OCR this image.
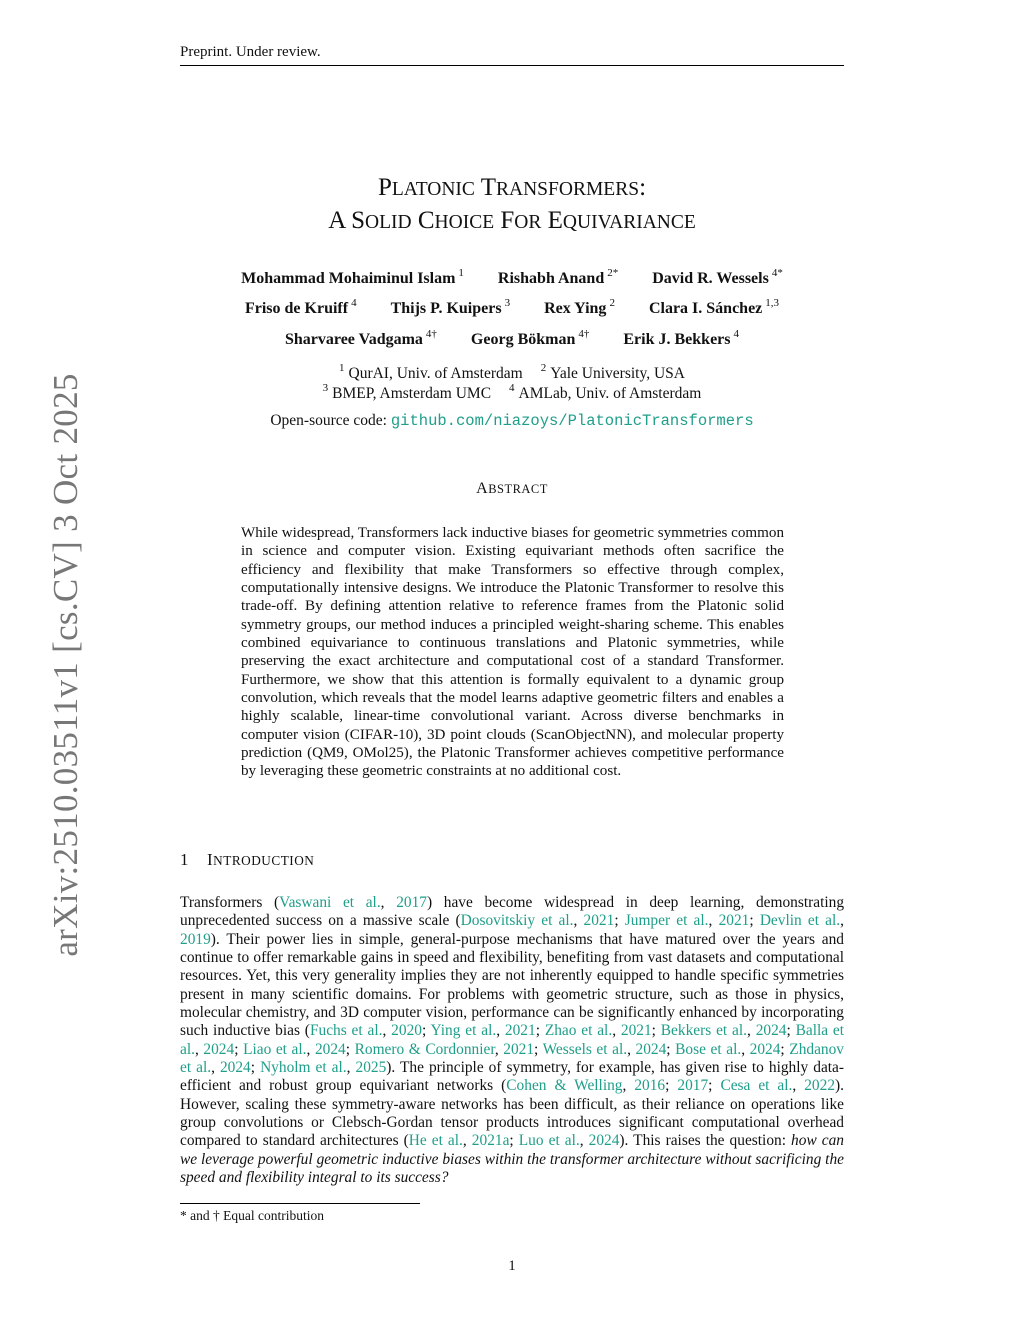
arXiv:2510.03511v1 [cs.CV] 3 Oct 2025
Preprint. Under review.
PLATONIC TRANSFORMERS:
A SOLID CHOICE FOR EQUIVARIANCE
Mohammad Mohaiminul Islam $^1$ Rishabh Anand $^{2*}$ David R. Wessels $^{4*}$
Friso de Kruiff $^4$ Thijs P. Kuipers $^3$ Rex Ying $^2$ Clara I. Sánchez $^{1,3}$
Sharvaree Vadgama $^{4\dagger}$ Georg Bökman $^{4\dagger}$ Erik J. Bekkers $^4$
$^1$ QurAI, Univ. of Amsterdam $^2$ Yale University, USA
$^3$ BMEP, Amsterdam UMC $^4$ AMLab, Univ. of Amsterdam
Open-source code: github.com/niazoys/PlatonicTransformers
ABSTRACT
While widespread, Transformers lack inductive biases for geometric symmetries common in science and computer vision. Existing equivariant methods often sacrifice the efficiency and flexibility that make Transformers so effective through complex, computationally intensive designs. We introduce the Platonic Transformer to resolve this trade-off. By defining attention relative to reference frames from the Platonic solid symmetry groups, our method induces a principled weight-sharing scheme. This enables combined equivariance to continuous translations and Platonic symmetries, while preserving the exact architecture and computational cost of a standard Transformer. Furthermore, we show that this attention is formally equivalent to a dynamic group convolution, which reveals that the model learns adaptive geometric filters and enables a highly scalable, linear-time convolutional variant. Across diverse benchmarks in computer vision (CIFAR-10), 3D point clouds (ScanObjectNN), and molecular property prediction (QM9, OMol25), the Platonic Transformer achieves competitive performance by leveraging these geometric constraints at no additional cost.
1 INTRODUCTION
Transformers (Vaswani et al., 2017) have become widespread in deep learning, demonstrating unprecedented success on a massive scale (Dosovitskiy et al., 2021; Jumper et al., 2021; Devlin et al., 2019). Their power lies in simple, general-purpose mechanisms that have matured over the years and continue to offer remarkable gains in speed and flexibility, benefiting from vast datasets and computational resources. Yet, this very generality implies they are not inherently equipped to handle specific symmetries present in many scientific domains. For problems with geometric structure, such as those in physics, molecular chemistry, and 3D computer vision, performance can be significantly enhanced by incorporating such inductive bias (Fuchs et al., 2020; Ying et al., 2021; Zhao et al., 2021; Bekkers et al., 2024; Balla et al., 2024; Liao et al., 2024; Romero & Cordonnier, 2021; Wessels et al., 2024; Bose et al., 2024; Zhdanov et al., 2024; Nyholm et al., 2025). The principle of symmetry, for example, has given rise to highly data-efficient and robust group equivariant networks (Cohen & Welling, 2016; 2017; Cesa et al., 2022). However, scaling these symmetry-aware networks has been difficult, as their reliance on operations like group convolutions or Clebsch-Gordan tensor products introduces significant computational overhead compared to standard architectures (He et al., 2021a; Luo et al., 2024). This raises the question: how can we leverage powerful geometric inductive biases within the transformer architecture without sacrificing the speed and flexibility integral to its success?
* and † Equal contribution
1
